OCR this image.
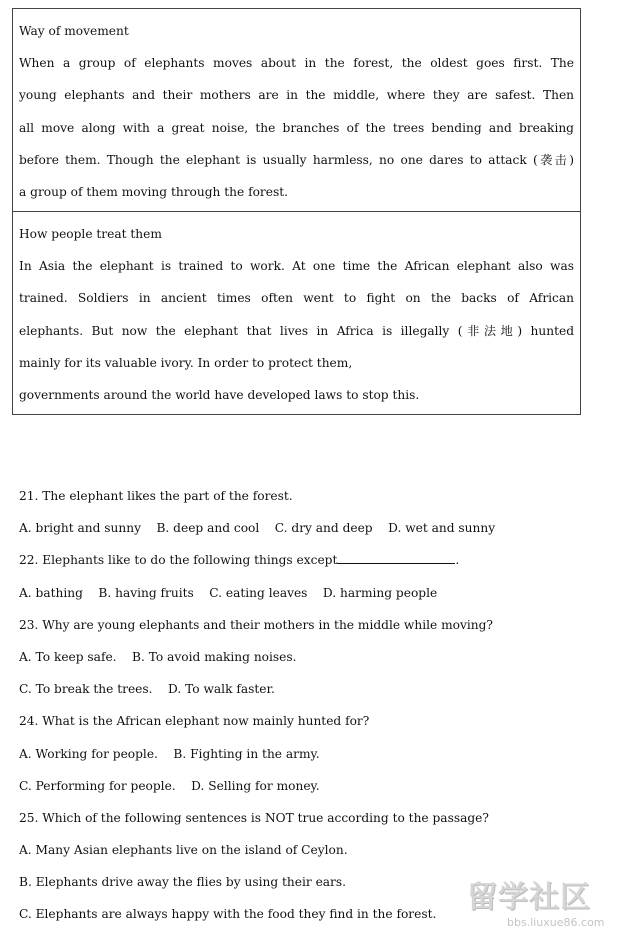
Way of movement
When a group of elephants moves about in the forest, the oldest goes first. The
young elephants and their mothers are in the middle, where they are safest. Then
all move along with a great noise, the branches of the trees bending and breaking
before them. Though the elephant is usually harmless, no one dares to attack (袭击)
a group of them moving through the forest.
How people treat them
In Asia the elephant is trained to work. At one time the African elephant also was
trained. Soldiers in ancient times often went to fight on the backs of African
elephants. But now the elephant that lives in Africa is illegally (非法地) hunted
mainly for its valuable ivory. In order to protect them,
governments around the world have developed laws to stop this.
21. The elephant likes the part of the forest.
A. bright and sunny    B. deep and cool    C. dry and deep    D. wet and sunny
22. Elephants like to do the following things except	.
A. bathing    B. having fruits    C. eating leaves    D. harming people
23. Why are young elephants and their mothers in the middle while moving?
A. To keep safe.    B. To avoid making noises.
C. To break the trees.    D. To walk faster.
24. What is the African elephant now mainly hunted for?
A. Working for people.    B. Fighting in the army.
C. Performing for people.    D. Selling for money.
25. Which of the following sentences is NOT true according to the passage?
A. Many Asian elephants live on the island of Ceylon.
B. Elephants drive away the flies by using their ears.
C. Elephants are always happy with the food they find in the forest.	留学社区
bbs.liuxue86.com
